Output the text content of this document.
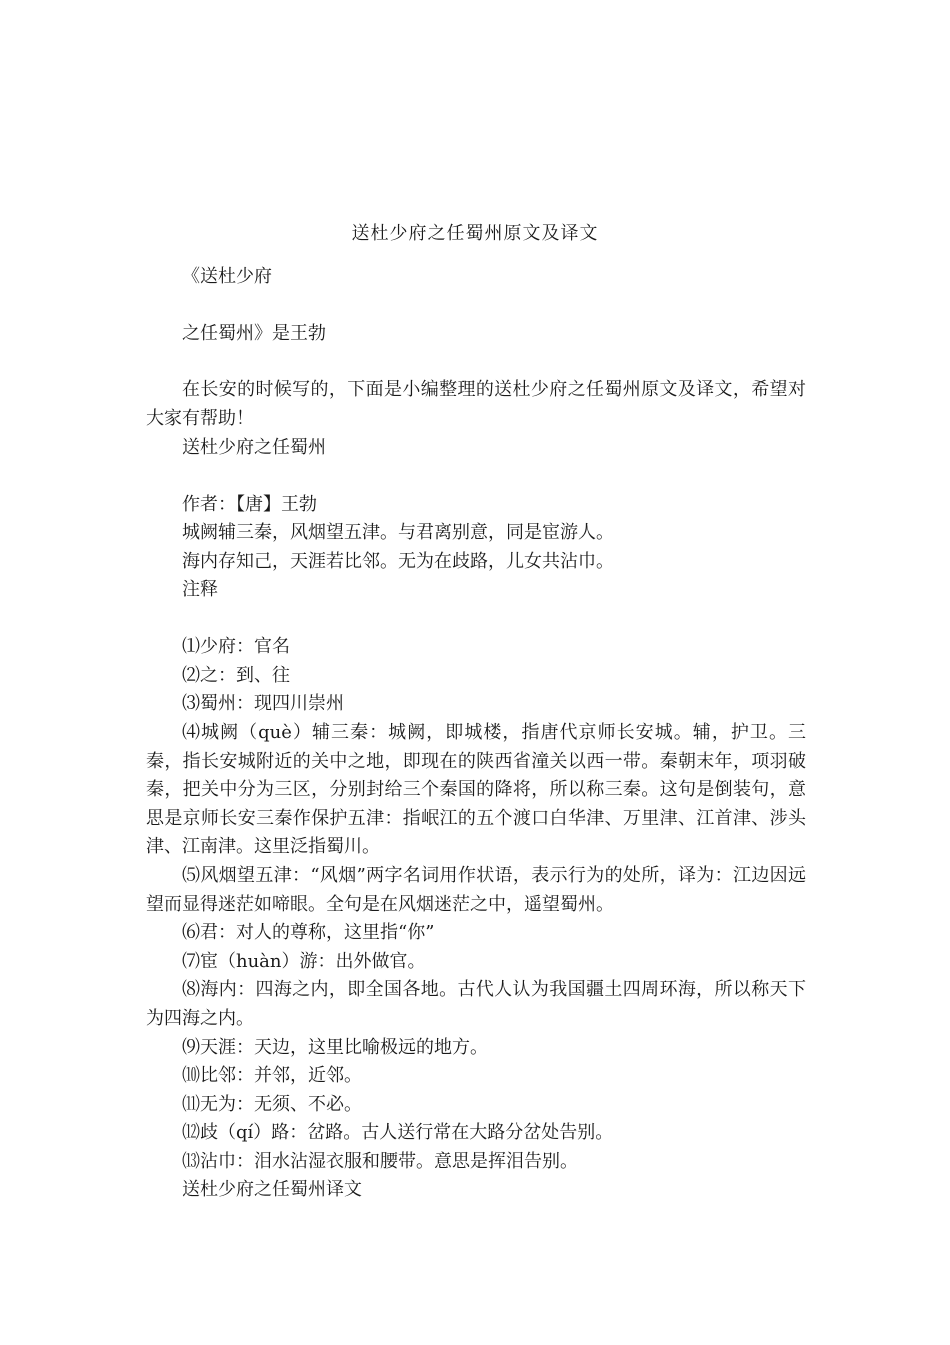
送杜少府之任蜀州原文及译文

《送杜少府

之任蜀州》是王勃

在长安的时候写的，下面是小编整理的送杜少府之任蜀州原文及译文，希望对大家有帮助！

送杜少府之任蜀州

作者：【唐】王勃

城阙辅三秦，风烟望五津。与君离别意，同是宦游人。

海内存知己，天涯若比邻。无为在歧路，儿女共沾巾。

注释

⑴少府：官名

⑵之：到、往

⑶蜀州：现四川崇州

⑷城阙（què）辅三秦：城阙，即城楼，指唐代京师长安城。辅，护卫。三秦，指长安城附近的关中之地，即现在的陕西省潼关以西一带。秦朝末年，项羽破秦，把关中分为三区，分别封给三个秦国的降将，所以称三秦。这句是倒装句，意思是京师长安三秦作保护五津：指岷江的五个渡口白华津、万里津、江首津、涉头津、江南津。这里泛指蜀川。

⑸风烟望五津：“风烟”两字名词用作状语，表示行为的处所，译为：江边因远望而显得迷茫如啼眼。全句是在风烟迷茫之中，遥望蜀州。

⑹君：对人的尊称，这里指“你”

⑺宦（huàn）游：出外做官。

⑻海内：四海之内，即全国各地。古代人认为我国疆土四周环海，所以称天下为四海之内。

⑼天涯：天边，这里比喻极远的地方。

⑽比邻：并邻，近邻。

⑾无为：无须、不必。

⑿歧（qí）路：岔路。古人送行常在大路分岔处告别。

⒀沾巾：泪水沾湿衣服和腰带。意思是挥泪告别。

送杜少府之任蜀州译文
